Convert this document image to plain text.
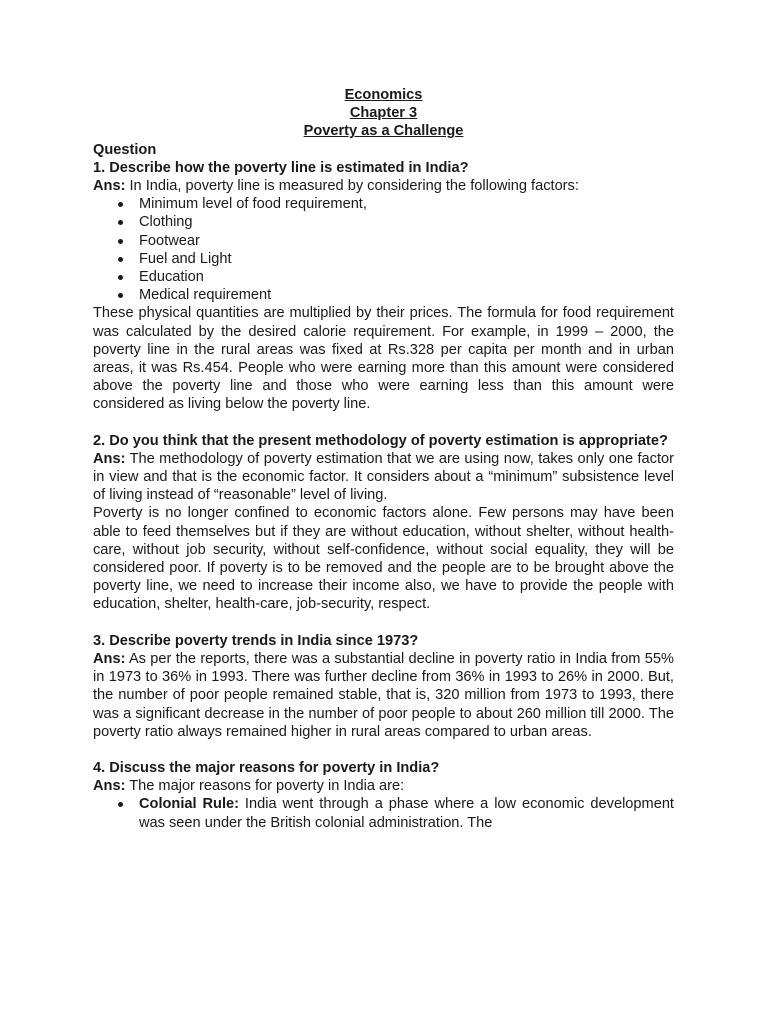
Economics
Chapter 3
Poverty as a Challenge

Question

1. Describe how the poverty line is estimated in India?

Ans: In India, poverty line is measured by considering the following factors:

Minimum level of food requirement,
Clothing
Footwear
Fuel and Light
Education
Medical requirement

These physical quantities are multiplied by their prices. The formula for food requirement was calculated by the desired calorie requirement. For example, in 1999 – 2000, the poverty line in the rural areas was fixed at Rs.328 per capita per month and in urban areas, it was Rs.454. People who were earning more than this amount were considered above the poverty line and those who were earning less than this amount were considered as living below the poverty line.

2. Do you think that the present methodology of poverty estimation is appropriate?

Ans: The methodology of poverty estimation that we are using now, takes only one factor in view and that is the economic factor. It considers about a “minimum” subsistence level of living instead of “reasonable” level of living.

Poverty is no longer confined to economic factors alone. Few persons may have been able to feed themselves but if they are without education, without shelter, without health-care, without job security, without self-confidence, without social equality, they will be considered poor. If poverty is to be removed and the people are to be brought above the poverty line, we need to increase their income also, we have to provide the people with education, shelter, health-care, job-security, respect.

3. Describe poverty trends in India since 1973?

Ans: As per the reports, there was a substantial decline in poverty ratio in India from 55% in 1973 to 36% in 1993. There was further decline from 36% in 1993 to 26% in 2000. But, the number of poor people remained stable, that is, 320 million from 1973 to 1993, there was a significant decrease in the number of poor people to about 260 million till 2000. The poverty ratio always remained higher in rural areas compared to urban areas.

4. Discuss the major reasons for poverty in India?

Ans: The major reasons for poverty in India are:

Colonial Rule: India went through a phase where a low economic development was seen under the British colonial administration. The
